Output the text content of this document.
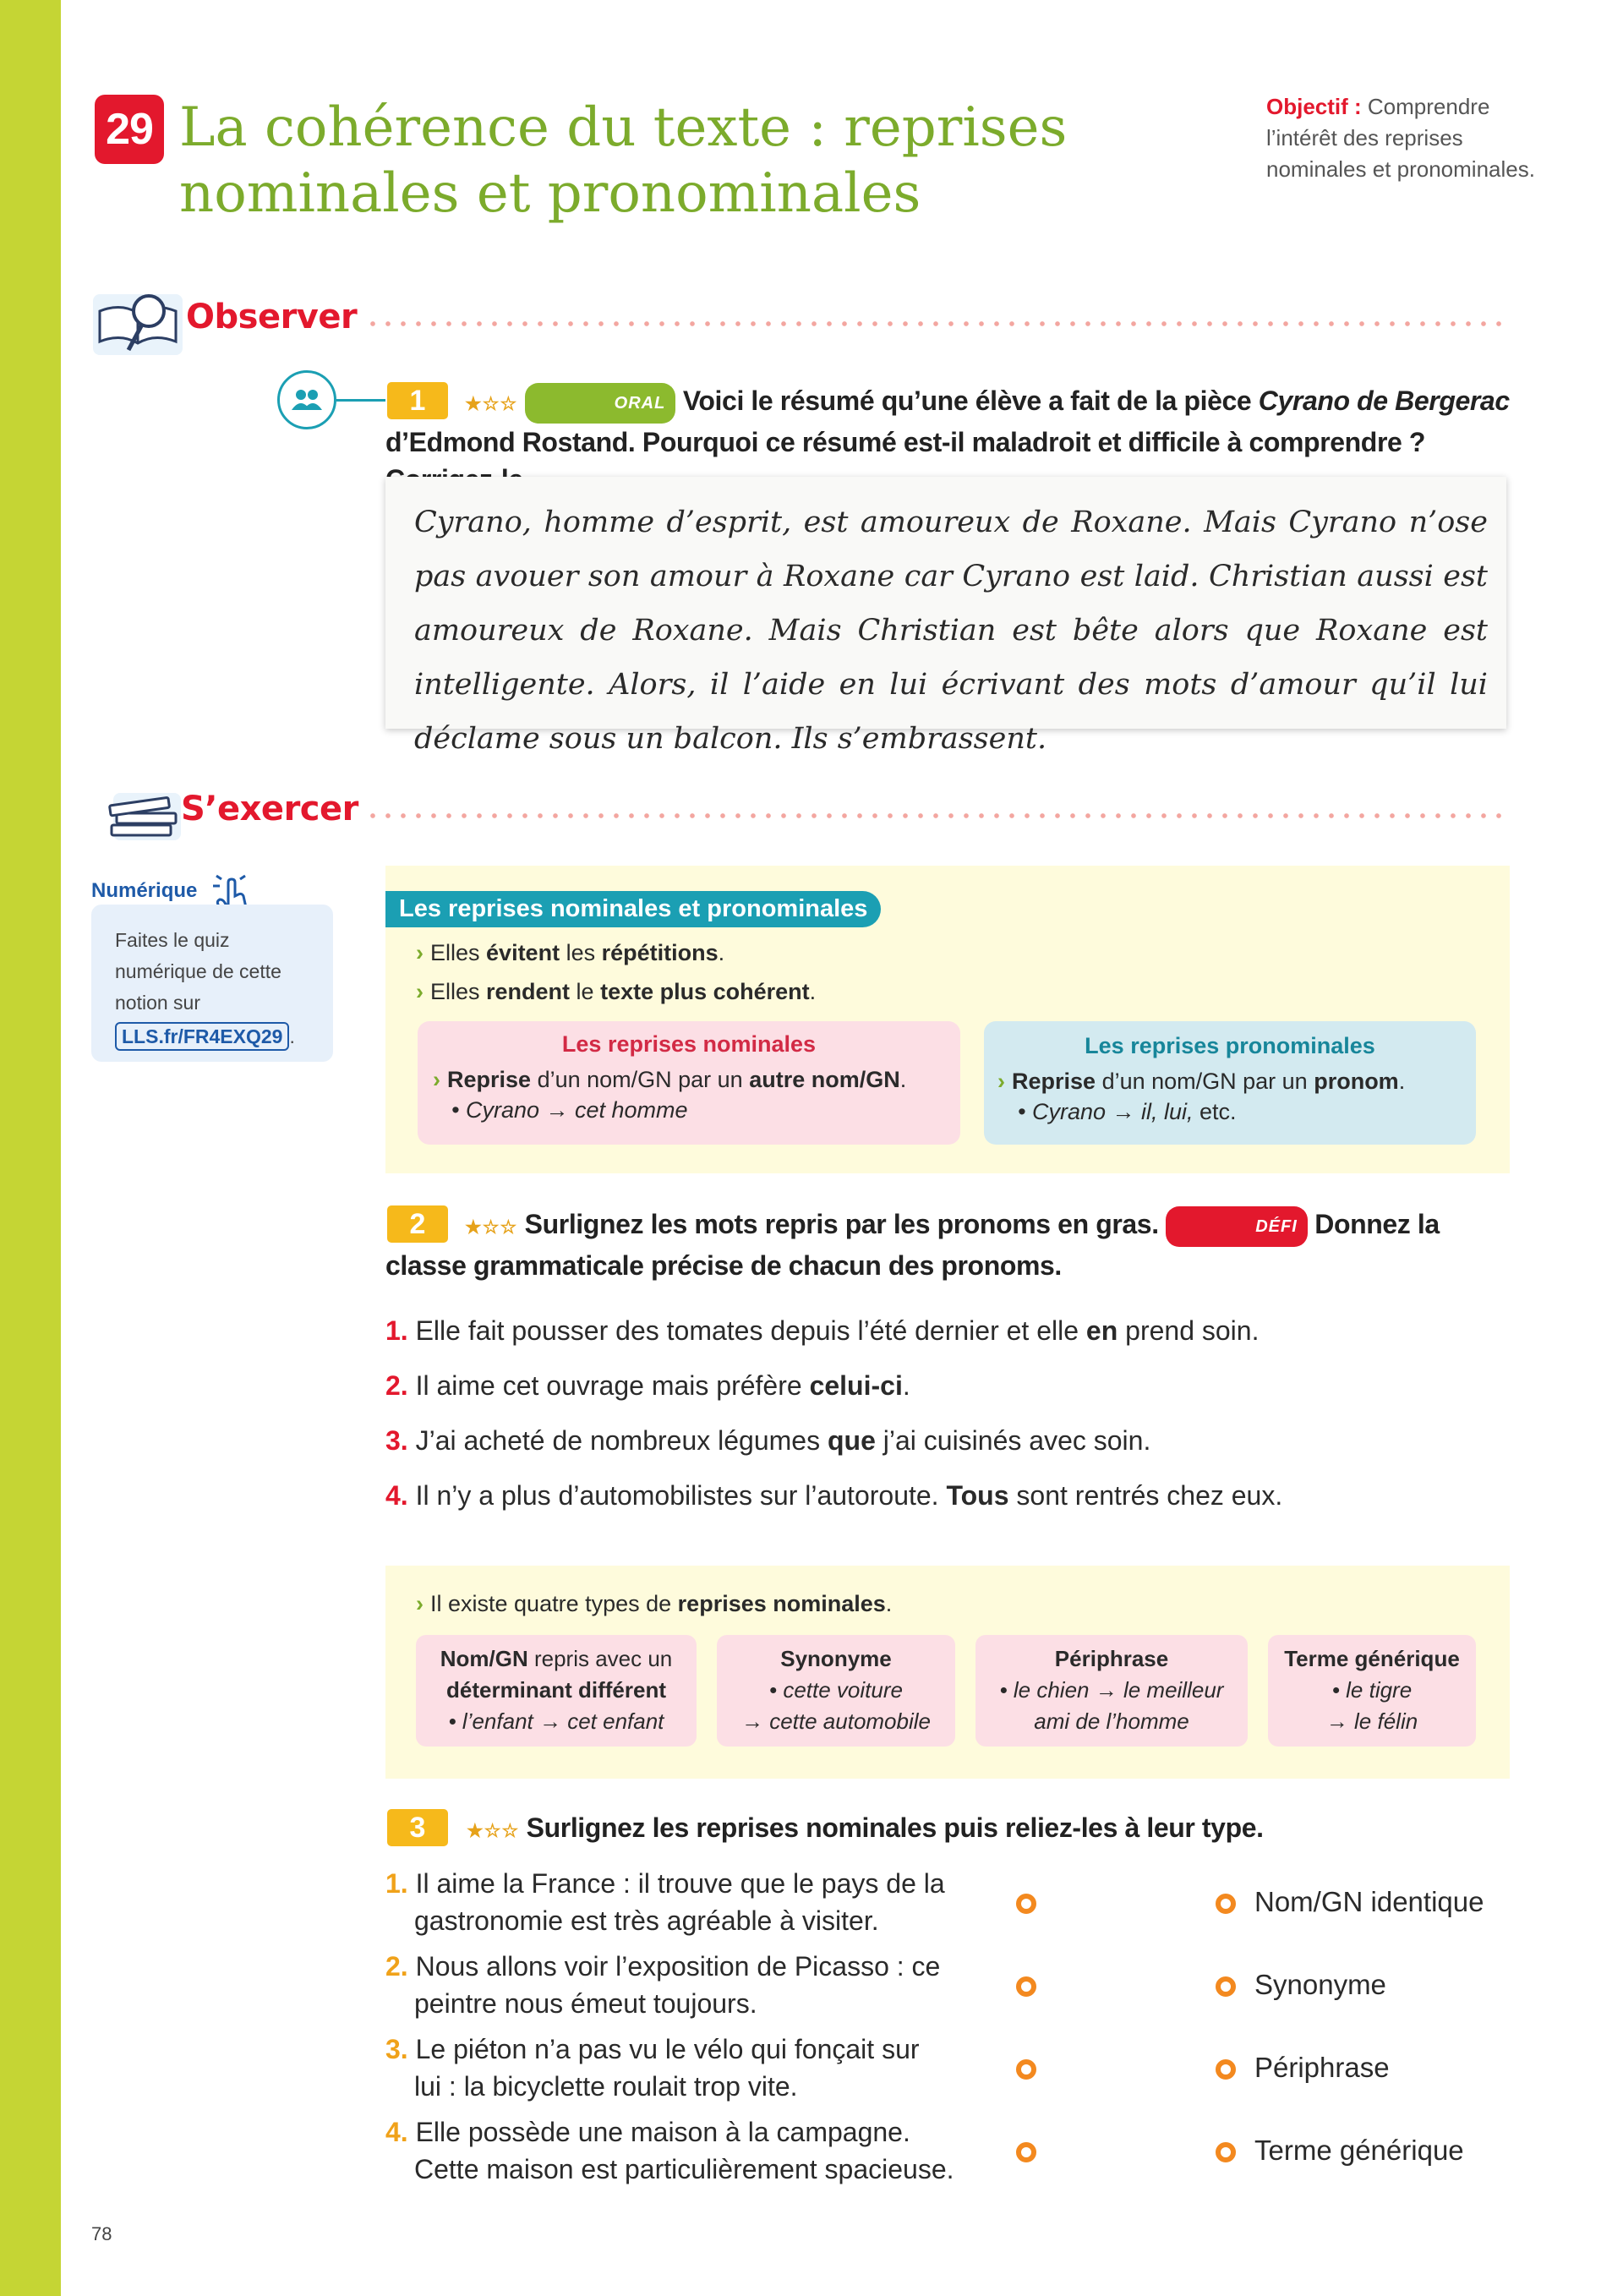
29 La cohérence du texte : reprises
nominales et pronominales
Objectif : Comprendre l’intérêt des reprises nominales et pronominales.
Observer
1	★☆☆	ORAL Voici le résumé qu’une élève a fait de la pièce Cyrano de Bergerac d’Edmond Rostand. Pourquoi ce résumé est-il maladroit et difficile à comprendre ?
Cyrano, homme d’esprit, est amoureux de Roxane. Mais Cyrano n’ose pas avouer son amour à Roxane car Cyrano est laid. Christian aussi est amoureux de Roxane. Mais Christian est bête alors que Roxane est intelligente. Alors, il l’aide en lui écrivant des mots d’amour qu’il lui déclame sous un balcon. Ils s’embrassent.
S’exercer
Numérique
Faites le quiz numérique de cette notion sur LLS.fr/FR4EXQ29 .
Les reprises nominales et pronominales
› Elles évitent les répétitions.
› Elles rendent le texte plus cohérent.
Les reprises nominales
› Reprise d’un nom/GN par un autre nom/GN.
• Cyrano → cet homme
Les reprises pronominales
› Reprise d’un nom/GN par un pronom.
• Cyrano → il, lui, etc.
2	★☆☆ Surlignez les mots repris par les pronoms en gras.	DÉFI Donnez la classe grammaticale précise de chacun des pronoms.
1. Elle fait pousser des tomates depuis l’été dernier et elle en prend soin.
2. Il aime cet ouvrage mais préfère celui-ci.
3. J’ai acheté de nombreux légumes que j’ai cuisinés avec soin.
4. Il n’y a plus d’automobilistes sur l’autoroute. Tous sont rentrés chez eux.
› Il existe quatre types de reprises nominales.
Nom/GN repris avec un
déterminant différent
• l’enfant → cet enfant
Synonyme
• cette voiture
→ cette automobile
Périphrase
• le chien → le meilleur
ami de l’homme
Terme générique
• le tigre
→ le félin
3	★☆☆ Surlignez les reprises nominales puis reliez-les à leur type.
1. Il aime la France : il trouve que le pays de la
gastronomie est très agréable à visiter.
2. Nous allons voir l’exposition de Picasso : ce
peintre nous émeut toujours.
3. Le piéton n’a pas vu le vélo qui fonçait sur
lui : la bicyclette roulait trop vite.
4. Elle possède une maison à la campagne.
Cette maison est particulièrement spacieuse.
Nom/GN identique
Synonyme
Périphrase
Terme générique
78
